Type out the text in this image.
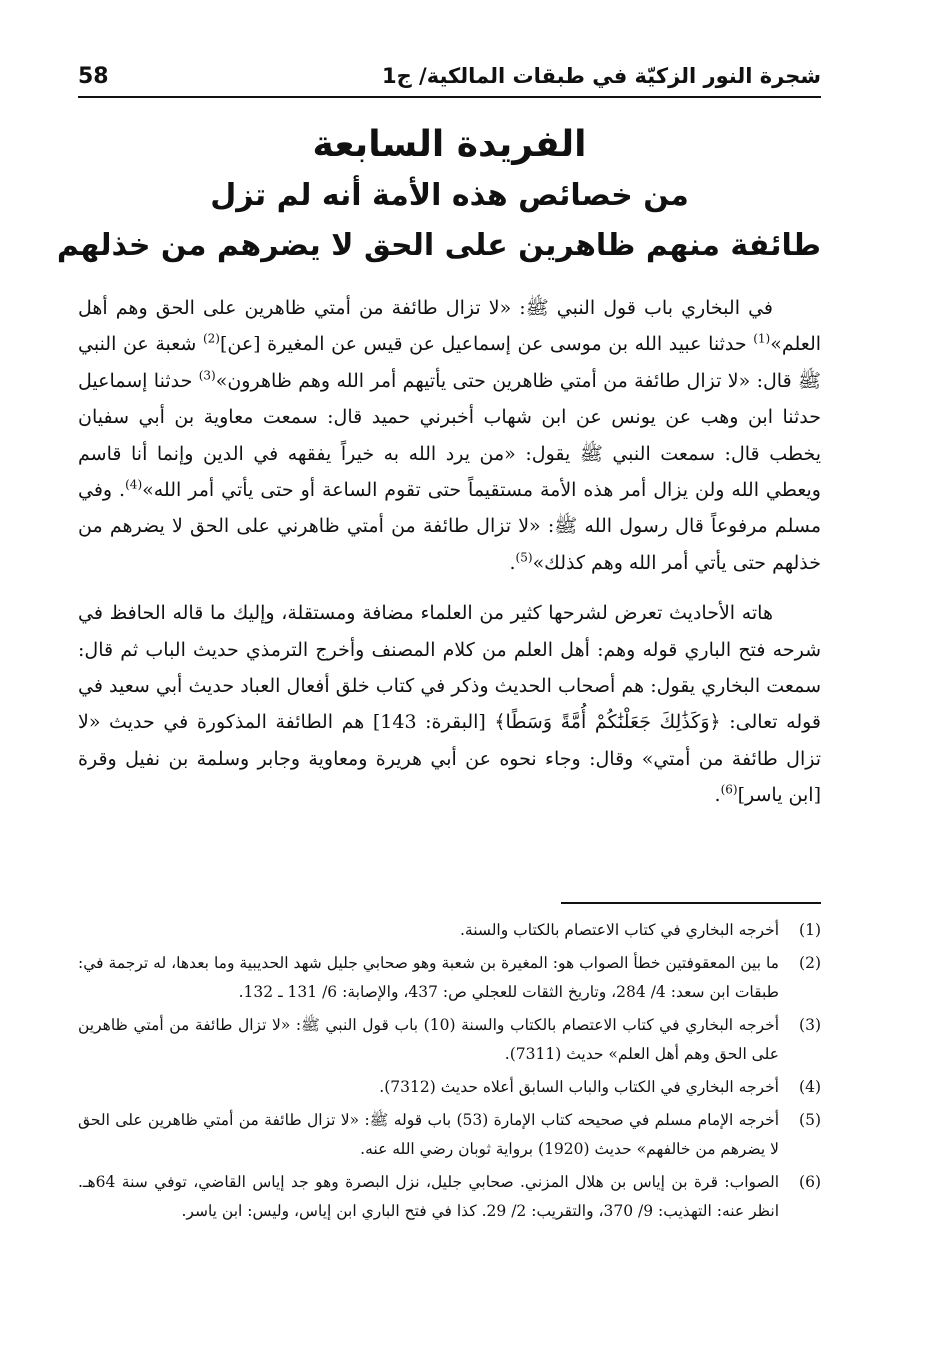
شجرة النور الزكيّة في طبقات المالكية/ ج1
58
الفريدة السابعة
من خصائص هذه الأمة أنه لم تزل
طائفة منهم ظاهرين على الحق لا يضرهم من خذلهم

في البخاري باب قول النبي ﷺ: «لا تزال طائفة من أمتي ظاهرين على الحق وهم أهل العلم»$^{(1)}$ حدثنا عبيد الله بن موسى عن إسماعيل عن قيس عن المغيرة [عن]$^{(2)}$ شعبة عن النبي ﷺ قال: «لا تزال طائفة من أمتي ظاهرين حتى يأتيهم أمر الله وهم ظاهرون»$^{(3)}$ حدثنا إسماعيل حدثنا ابن وهب عن يونس عن ابن شهاب أخبرني حميد قال: سمعت معاوية بن أبي سفيان يخطب قال: سمعت النبي ﷺ يقول: «من يرد الله به خيراً يفقهه في الدين وإنما أنا قاسم ويعطي الله ولن يزال أمر هذه الأمة مستقيماً حتى تقوم الساعة أو حتى يأتي أمر الله»$^{(4)}$. وفي مسلم مرفوعاً قال رسول الله ﷺ: «لا تزال طائفة من أمتي ظاهرني على الحق لا يضرهم من خذلهم حتى يأتي أمر الله وهم كذلك»$^{(5)}$.

هاته الأحاديث تعرض لشرحها كثير من العلماء مضافة ومستقلة، وإليك ما قاله الحافظ في شرحه فتح الباري قوله وهم: أهل العلم من كلام المصنف وأخرج الترمذي حديث الباب ثم قال: سمعت البخاري يقول: هم أصحاب الحديث وذكر في كتاب خلق أفعال العباد حديث أبي سعيد في قوله تعالى: ﴿وَكَذَٰلِكَ جَعَلْنَٰكُمْ أُمَّةً وَسَطًا﴾ [البقرة: 143] هم الطائفة المذكورة في حديث «لا تزال طائفة من أمتي» وقال: وجاء نحوه عن أبي هريرة ومعاوية وجابر وسلمة بن نفيل وقرة [ابن ياسر]$^{(6)}$.

(1)
أخرجه البخاري في كتاب الاعتصام بالكتاب والسنة.
(2)
ما بين المعقوفتين خطأ الصواب هو: المغيرة بن شعبة وهو صحابي جليل شهد الحديبية وما بعدها، له ترجمة في: طبقات ابن سعد: 4/ 284، وتاريخ الثقات للعجلي ص: 437، والإصابة: 6/ 131 ـ 132.
(3)
أخرجه البخاري في كتاب الاعتصام بالكتاب والسنة (10) باب قول النبي ﷺ: «لا تزال طائفة من أمتي ظاهرين على الحق وهم أهل العلم» حديث (7311).
(4)
أخرجه البخاري في الكتاب والباب السابق أعلاه حديث (7312).
(5)
أخرجه الإمام مسلم في صحيحه كتاب الإمارة (53) باب قوله ﷺ: «لا تزال طائفة من أمتي ظاهرين على الحق لا يضرهم من خالفهم» حديث (1920) برواية ثوبان رضي الله عنه.
(6)
الصواب: قرة بن إياس بن هلال المزني. صحابي جليل، نزل البصرة وهو جد إياس القاضي، توفي سنة 64هـ. انظر عنه: التهذيب: 9/ 370، والتقريب: 2/ 29. كذا في فتح الباري ابن إياس، وليس: ابن ياسر.
